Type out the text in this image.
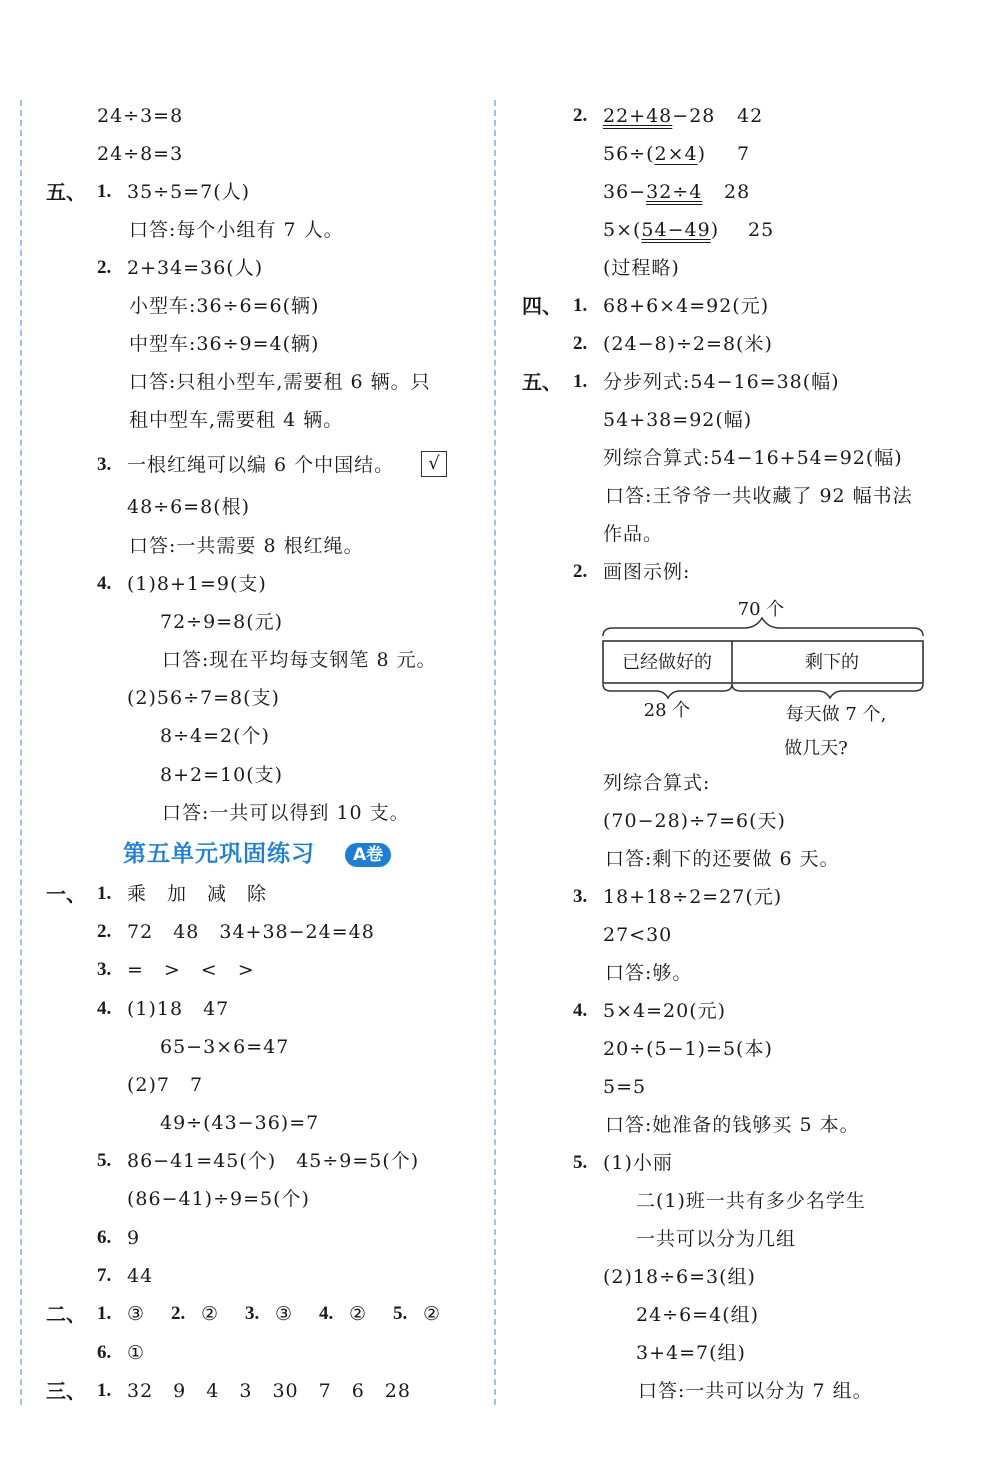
24÷3=8
24÷8=3
五、 1. 35÷5=7(人)
口答:每个小组有 7 人。
2. 2+34=36(人)
小型车:36÷6=6(辆)
中型车:36÷9=4(辆)
口答:只租小型车,需要租 6 辆。只
租中型车,需要租 4 辆。
3. 一根红绳可以编 6 个中国结。	√
48÷6=8(根)
口答:一共需要 8 根红绳。
4. (1)8+1=9(支)
72÷9=8(元)
口答:现在平均每支钢笔 8 元。
(2)56÷7=8(支)
8÷4=2(个)
8+2=10(支)
口答:一共可以得到 10 支。
第五单元巩固练习	A卷
一、 1. 乘　加　减　除
2. 72　48　34+38−24=48
3. =　>　<　>
4. (1)18　47
65−3×6=47
(2)7　7
49÷(43−36)=7
5. 86−41=45(个)　45÷9=5(个)
(86−41)÷9=5(个)
6. 9
7. 44
二、 1. ③ 2. ② 3. ③ 4. ② 5. ②
6. ①
三、 1. 32　9　4　3　30　7　6　28
2. 22+48−28 42
56÷(2×4) 7
36−32÷4 28
5×(54−49) 25
(过程略)
四、 1. 68+6×4=92(元)
2. (24−8)÷2=8(米)
五、 1. 分步列式:54−16=38(幅)
54+38=92(幅)
列综合算式:54−16+54=92(幅)
口答:王爷爷一共收藏了 92 幅书法
作品。
2. 画图示例:
70 个
已经做好的	剩下的
28 个	每天做 7 个,
做几天?
列综合算式:
(70−28)÷7=6(天)
口答:剩下的还要做 6 天。
3. 18+18÷2=27(元)
27<30
口答:够。
4. 5×4=20(元)
20÷(5−1)=5(本)
5=5
口答:她准备的钱够买 5 本。
5. (1)小丽
二(1)班一共有多少名学生
一共可以分为几组
(2)18÷6=3(组)
24÷6=4(组)
3+4=7(组)
口答:一共可以分为 7 组。
